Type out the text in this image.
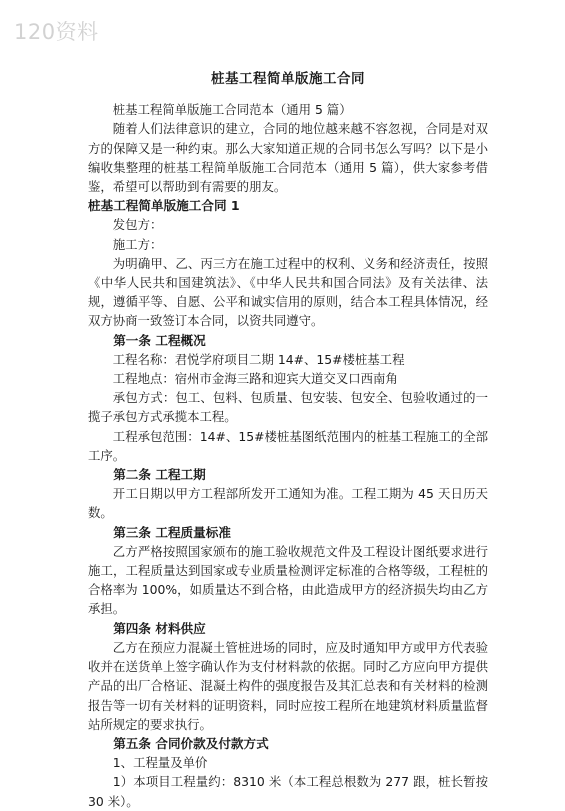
120资料
桩基工程简单版施工合同

桩基工程简单版施工合同范本（通用 5 篇）

随着人们法律意识的建立，合同的地位越来越不容忽视，合同是对双方的保障又是一种约束。那么大家知道正规的合同书怎么写吗？以下是小编收集整理的桩基工程简单版施工合同范本（通用 5 篇），供大家参考借鉴，希望可以帮助到有需要的朋友。

桩基工程简单版施工合同 1

发包方：

施工方：

为明确甲、乙、丙三方在施工过程中的权利、义务和经济责任，按照《中华人民共和国建筑法》、《中华人民共和国合同法》及有关法律、法规，遵循平等、自愿、公平和诚实信用的原则，结合本工程具体情况，经双方协商一致签订本合同，以资共同遵守。

第一条 工程概况

工程名称：君悦学府项目二期 14#、15#楼桩基工程

工程地点：宿州市金海三路和迎宾大道交叉口西南角

承包方式：包工、包料、包质量、包安装、包安全、包验收通过的一揽子承包方式承揽本工程。

工程承包范围：14#、15#楼桩基图纸范围内的桩基工程施工的全部工序。

第二条 工程工期

开工日期以甲方工程部所发开工通知为准。工程工期为 45 天日历天数。

第三条 工程质量标准

乙方严格按照国家颁布的施工验收规范文件及工程设计图纸要求进行施工，工程质量达到国家或专业质量检测评定标准的合格等级，工程桩的合格率为 100%，如质量达不到合格，由此造成甲方的经济损失均由乙方承担。

第四条 材料供应

乙方在预应力混凝土管桩进场的同时，应及时通知甲方或甲方代表验收并在送货单上签字确认作为支付材料款的依据。同时乙方应向甲方提供产品的出厂合格证、混凝土构件的强度报告及其汇总表和有关材料的检测报告等一切有关材料的证明资料，同时应按工程所在地建筑材料质量监督站所规定的要求执行。

第五条 合同价款及付款方式

1、工程量及单价

1）本项目工程量约：8310 米（本工程总根数为 277 跟，桩长暂按 30 米）。
